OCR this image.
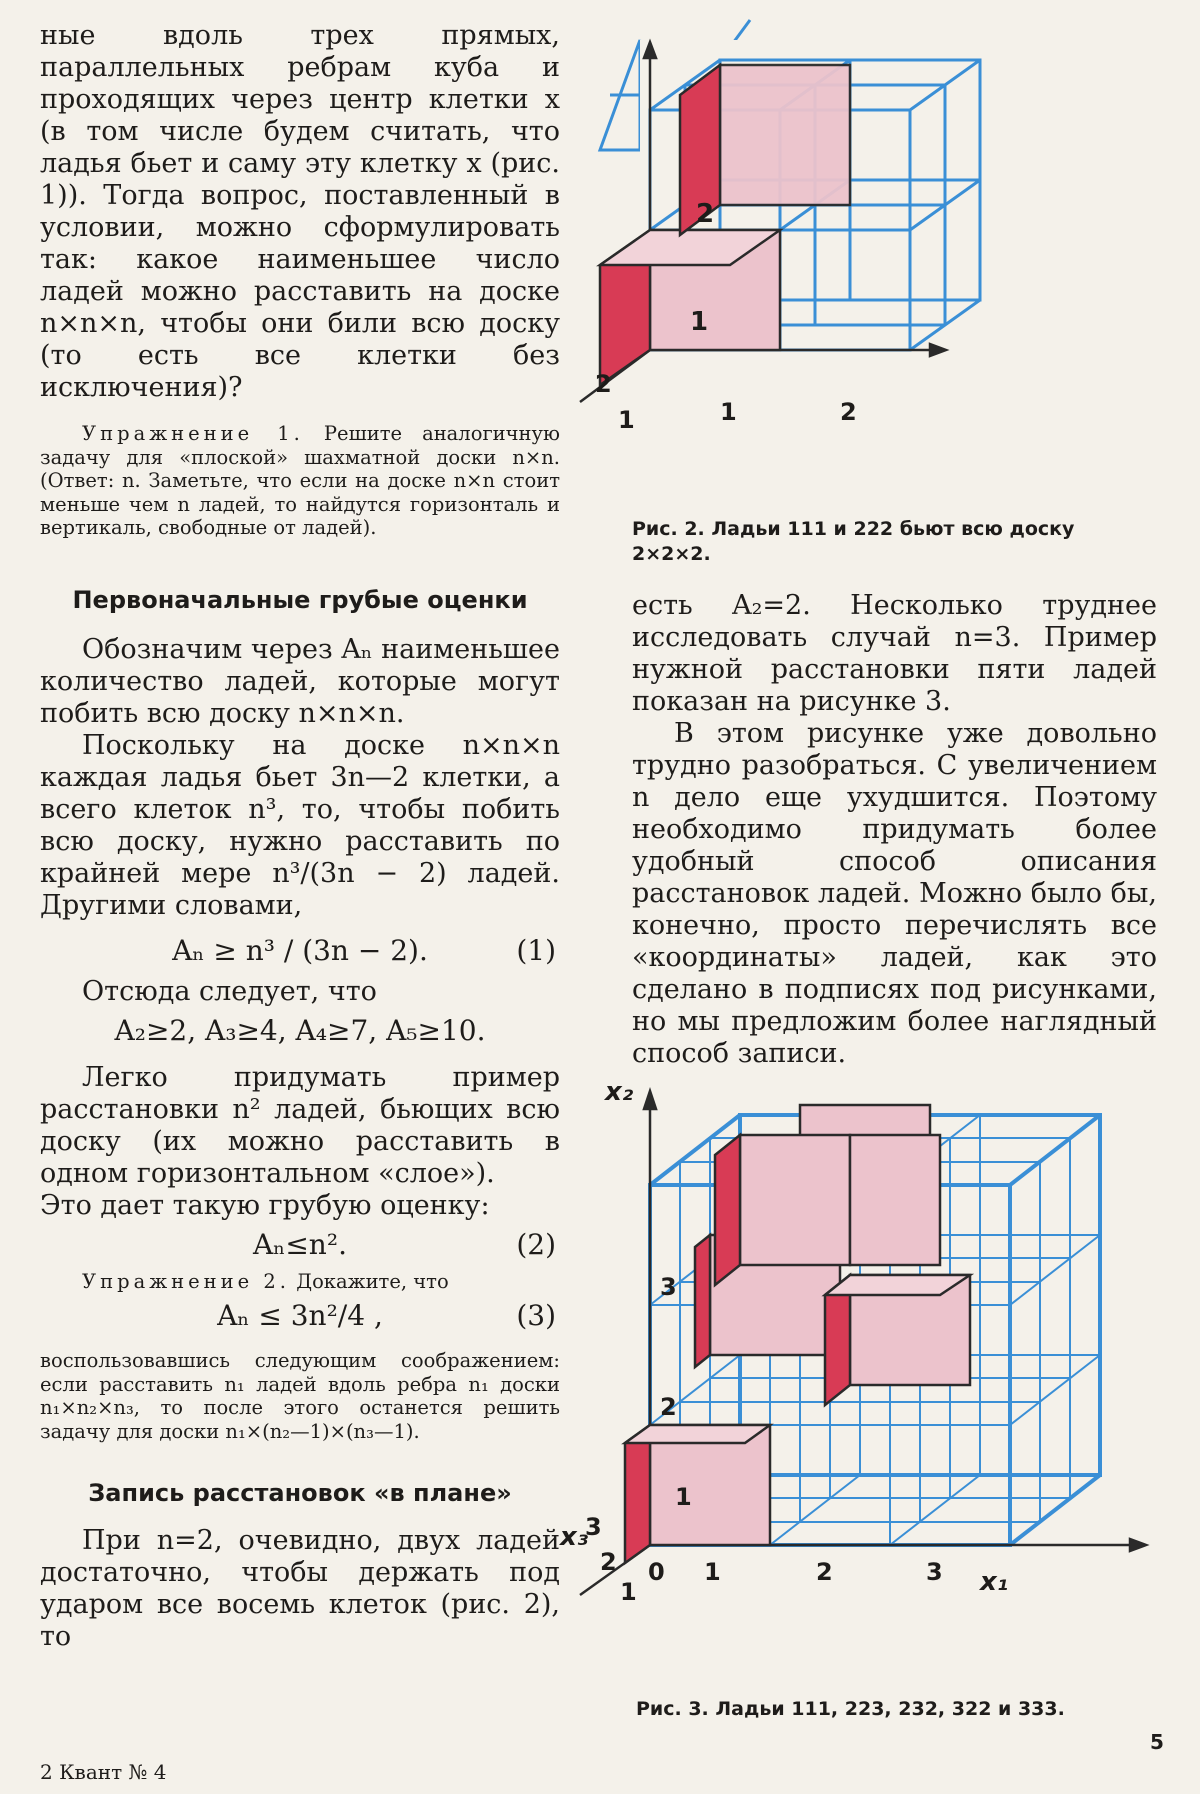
ные вдоль трех прямых, параллельных ребрам куба и проходящих через центр клетки x (в том числе будем считать, что ладья бьет и саму эту клетку x (рис. 1)). Тогда вопрос, поставленный в условии, можно сформулировать так: какое наименьшее число ладей можно расставить на доске n×n×n, чтобы они били всю доску (то есть все клетки без исключения)?

Упражнение 1. Решите аналогичную задачу для «плоской» шахматной доски n×n. (Ответ: n. Заметьте, что если на доске n×n стоит меньше чем n ладей, то найдутся горизонталь и вертикаль, свободные от ладей).

Первоначальные грубые оценки

Обозначим через Aₙ наименьшее количество ладей, которые могут побить всю доску n×n×n.

Поскольку на доске n×n×n каждая ладья бьет 3n—2 клетки, а всего клеток n³, то, чтобы побить всю доску, нужно расставить по крайней мере n³/(3n − 2) ладей. Другими словами,

Aₙ ≥ n³ / (3n − 2).	(1)

Отсюда следует, что

A₂≥2, A₃≥4, A₄≥7, A₅≥10.

Легко придумать пример расстановки n² ладей, бьющих всю доску (их можно расставить в одном горизонтальном «слое»).

Это дает такую грубую оценку:

Aₙ≤n².	(2)

Упражнение 2. Докажите, что

Aₙ ≤ 3n²/4 ,	(3)

воспользовавшись следующим соображением: если расставить n₁ ладей вдоль ребра n₁ доски n₁×n₂×n₃, то после этого останется решить задачу для доски n₁×(n₂—1)×(n₃—1).

Запись расстановок «в плане»

При n=2, очевидно, двух ладей достаточно, чтобы держать под ударом все восемь клеток (рис. 2), то

2
1
2
1	1	2

Рис. 2. Ладьи 111 и 222 бьют всю доску 2×2×2.

есть A₂=2. Несколько труднее исследовать случай n=3. Пример нужной расстановки пяти ладей показан на рисунке 3.

В этом рисунке уже довольно трудно разобраться. С увеличением n дело еще ухудшится. Поэтому необходимо придумать более удобный способ описания расстановок ладей. Можно было бы, конечно, просто перечислять все «координаты» ладей, как это сделано в подписях под рисунками, но мы предложим более наглядный способ записи.

x₂
x₃
x₁
1
3
2
3
2
1
0 1	2	3

Рис. 3. Ладьи 111, 223, 232, 322 и 333.

2 Квант № 4
5
